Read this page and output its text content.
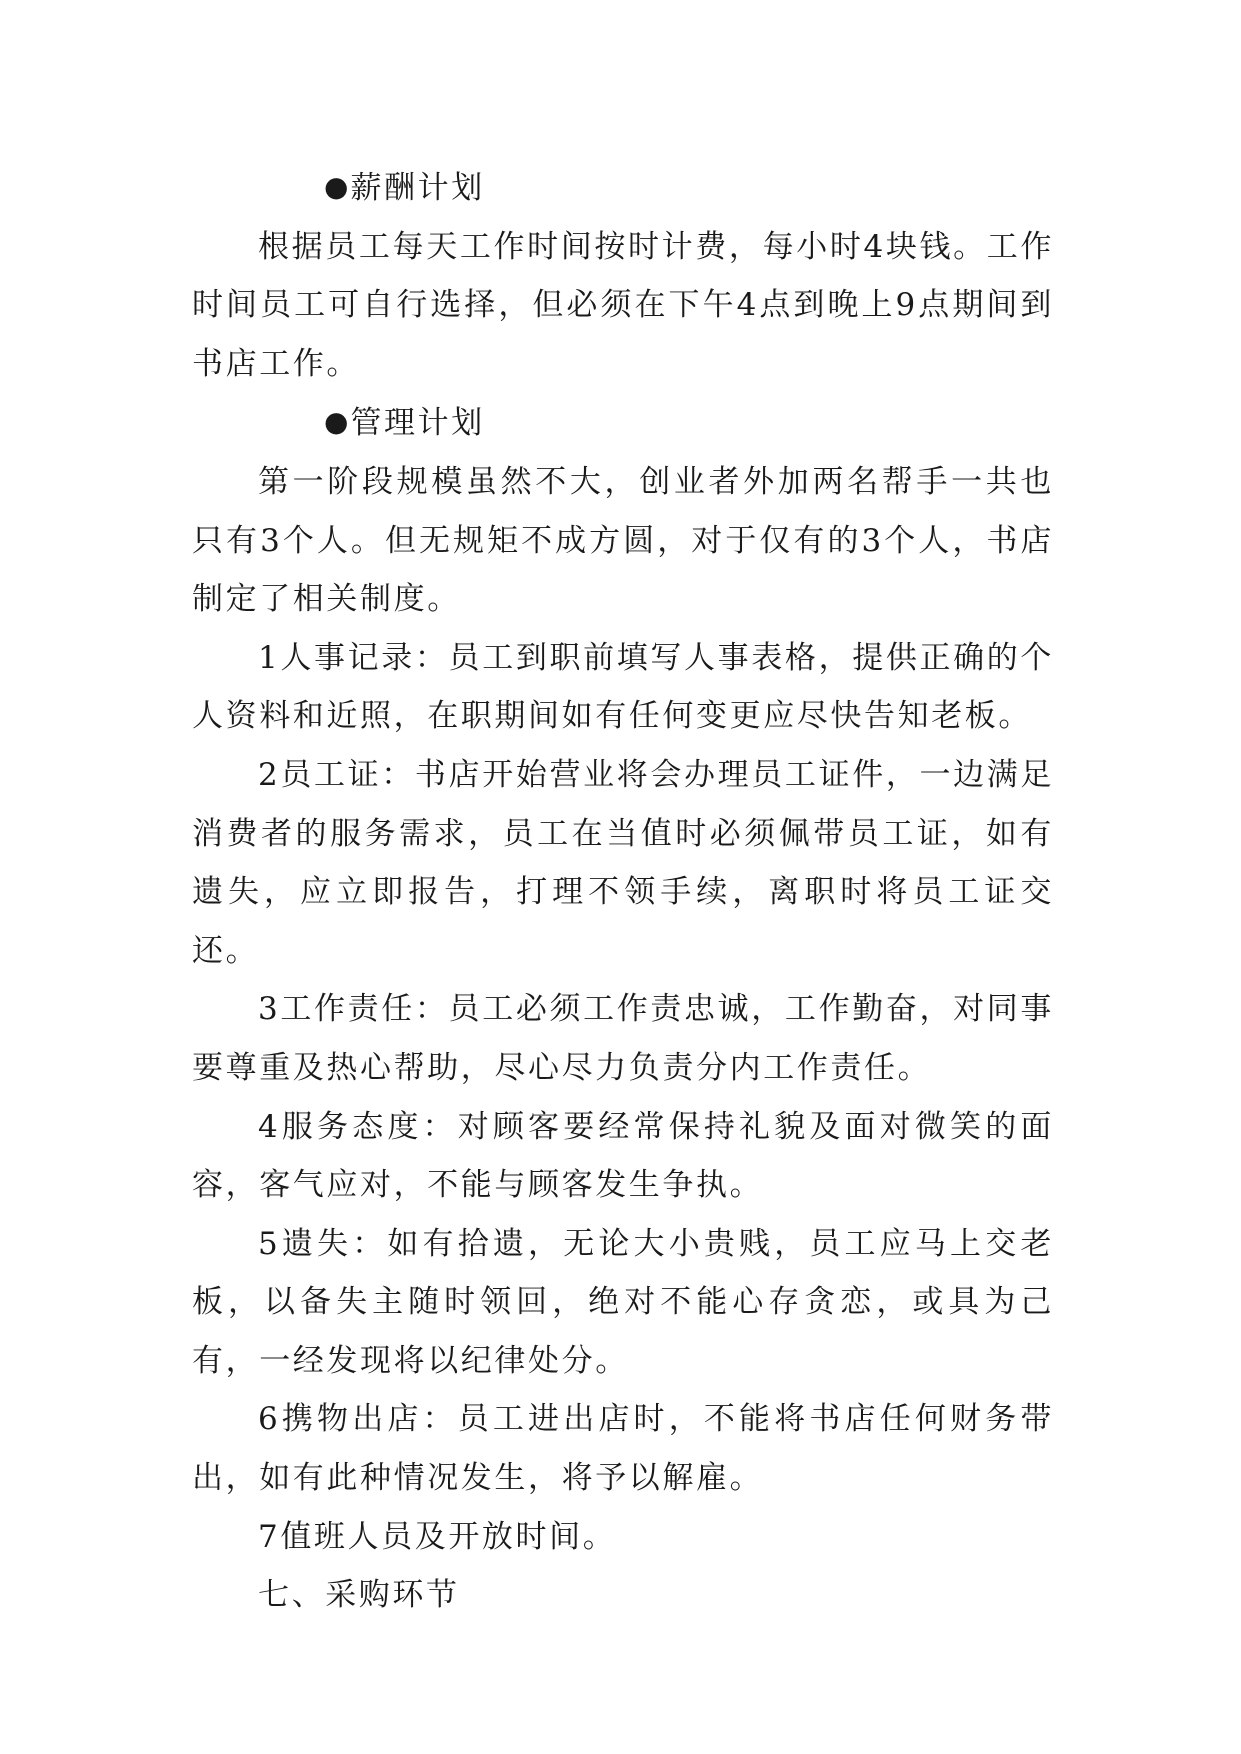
●薪酬计划

根据员工每天工作时间按时计费，每小时4块钱。工作时间员工可自行选择，但必须在下午4点到晚上9点期间到书店工作。

●管理计划

第一阶段规模虽然不大，创业者外加两名帮手一共也只有3个人。但无规矩不成方圆，对于仅有的3个人，书店制定了相关制度。

1人事记录：员工到职前填写人事表格，提供正确的个人资料和近照，在职期间如有任何变更应尽快告知老板。

2员工证：书店开始营业将会办理员工证件，一边满足消费者的服务需求，员工在当值时必须佩带员工证，如有遗失，应立即报告，打理不领手续，离职时将员工证交还。

3工作责任：员工必须工作责忠诚，工作勤奋，对同事要尊重及热心帮助，尽心尽力负责分内工作责任。

4服务态度：对顾客要经常保持礼貌及面对微笑的面容，客气应对，不能与顾客发生争执。

5遗失：如有拾遗，无论大小贵贱，员工应马上交老板，以备失主随时领回，绝对不能心存贪恋，或具为己有，一经发现将以纪律处分。

6携物出店：员工进出店时，不能将书店任何财务带出，如有此种情况发生，将予以解雇。

7值班人员及开放时间。

七、采购环节
